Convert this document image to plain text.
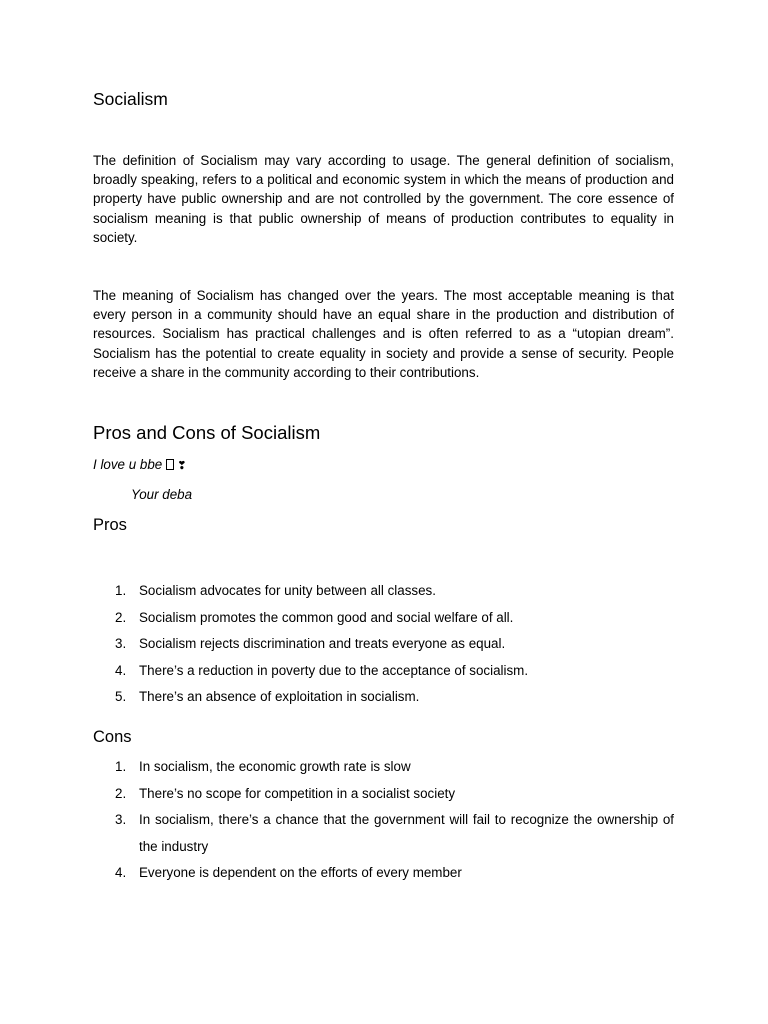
Socialism

The definition of Socialism may vary according to usage. The general definition of socialism, broadly speaking, refers to a political and economic system in which the means of production and property have public ownership and are not controlled by the government. The core essence of socialism meaning is that public ownership of means of production contributes to equality in society.

The meaning of Socialism has changed over the years. The most acceptable meaning is that every person in a community should have an equal share in the production and distribution of resources. Socialism has practical challenges and is often referred to as a “utopian dream”. Socialism has the potential to create equality in society and provide a sense of security. People receive a share in the community according to their contributions.

Pros and Cons of Socialism

I love u bbe ❣

Your deba

Pros
1. Socialism advocates for unity between all classes.
2. Socialism promotes the common good and social welfare of all.
3. Socialism rejects discrimination and treats everyone as equal.
4. There’s a reduction in poverty due to the acceptance of socialism.
5. There’s an absence of exploitation in socialism.
Cons
1. In socialism, the economic growth rate is slow
2. There’s no scope for competition in a socialist society
3. In socialism, there’s a chance that the government will fail to recognize the ownership of the industry
4. Everyone is dependent on the efforts of every member
